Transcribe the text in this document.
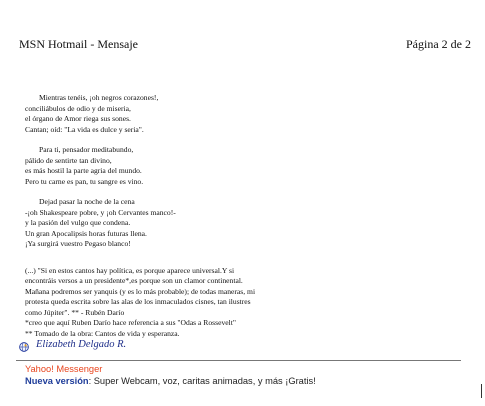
MSN Hotmail - Mensaje	Página 2 de 2
Mientras tenéis, ¡oh negros corazones!,
conciliábulos de odio y de miseria,
el órgano de Amor riega sus sones.
Cantan; oíd: "La vida es dulce y seria".
Para ti, pensador meditabundo,
pálido de sentirte tan divino,
es más hostil la parte agria del mundo.
Pero tu carne es pan, tu sangre es vino.
Dejad pasar la noche de la cena
-¡oh Shakespeare pobre, y ¡oh Cervantes manco!-
y la pasión del vulgo que condena.
Un gran Apocalipsis horas futuras llena.
¡Ya surgirá vuestro Pegaso blanco!
(...) "Si en estos cantos hay política, es porque aparece universal.Y si
encontráis versos a un presidente*,es porque son un clamor continental.
Mañana podremos ser yanquis (y es lo más probable); de todas maneras, mi
protesta queda escrita sobre las alas de los inmaculados cisnes, tan ilustres
como Júpiter". ** - Rubén Darío
*creo que aquí Ruben Darío hace referencia a sus "Odas a Rossevelt"
** Tomado de la obra: Cantos de vida y esperanza.
Elizabeth Delgado R.
Yahoo! Messenger
Nueva versión: Super Webcam, voz, caritas animadas, y más ¡Gratis!
